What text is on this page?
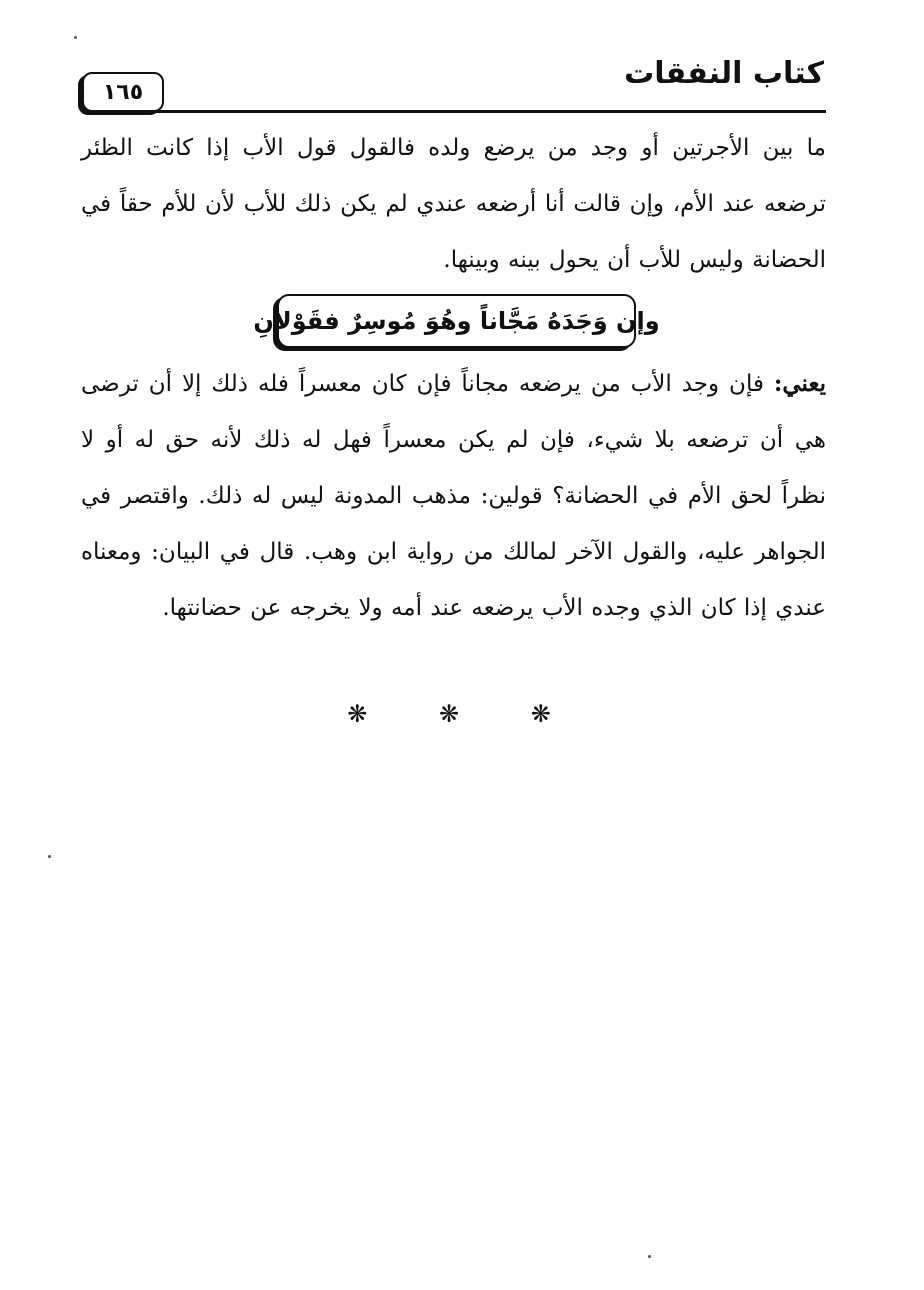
كتاب النفقات
١٦٥

ما بين الأجرتين أو وجد من يرضع ولده فالقول قول الأب إذا كانت الظئر ترضعه عند الأم، وإن قالت أنا أرضعه عندي لم يكن ذلك للأب لأن للأم حقاً في الحضانة وليس للأب أن يحول بينه وبينها.

وإن وَجَدَهُ مَجَّاناً وهُوَ مُوسِرٌ فقَوْلانِ

يعني: فإن وجد الأب من يرضعه مجاناً فإن كان معسراً فله ذلك إلا أن ترضى هي أن ترضعه بلا شيء، فإن لم يكن معسراً فهل له ذلك لأنه حق له أو لا نظراً لحق الأم في الحضانة؟ قولين: مذهب المدونة ليس له ذلك. واقتصر في الجواهر عليه، والقول الآخر لمالك من رواية ابن وهب. قال في البيان: ومعناه عندي إذا كان الذي وجده الأب يرضعه عند أمه ولا يخرجه عن حضانتها.

❋ ❋ ❋
